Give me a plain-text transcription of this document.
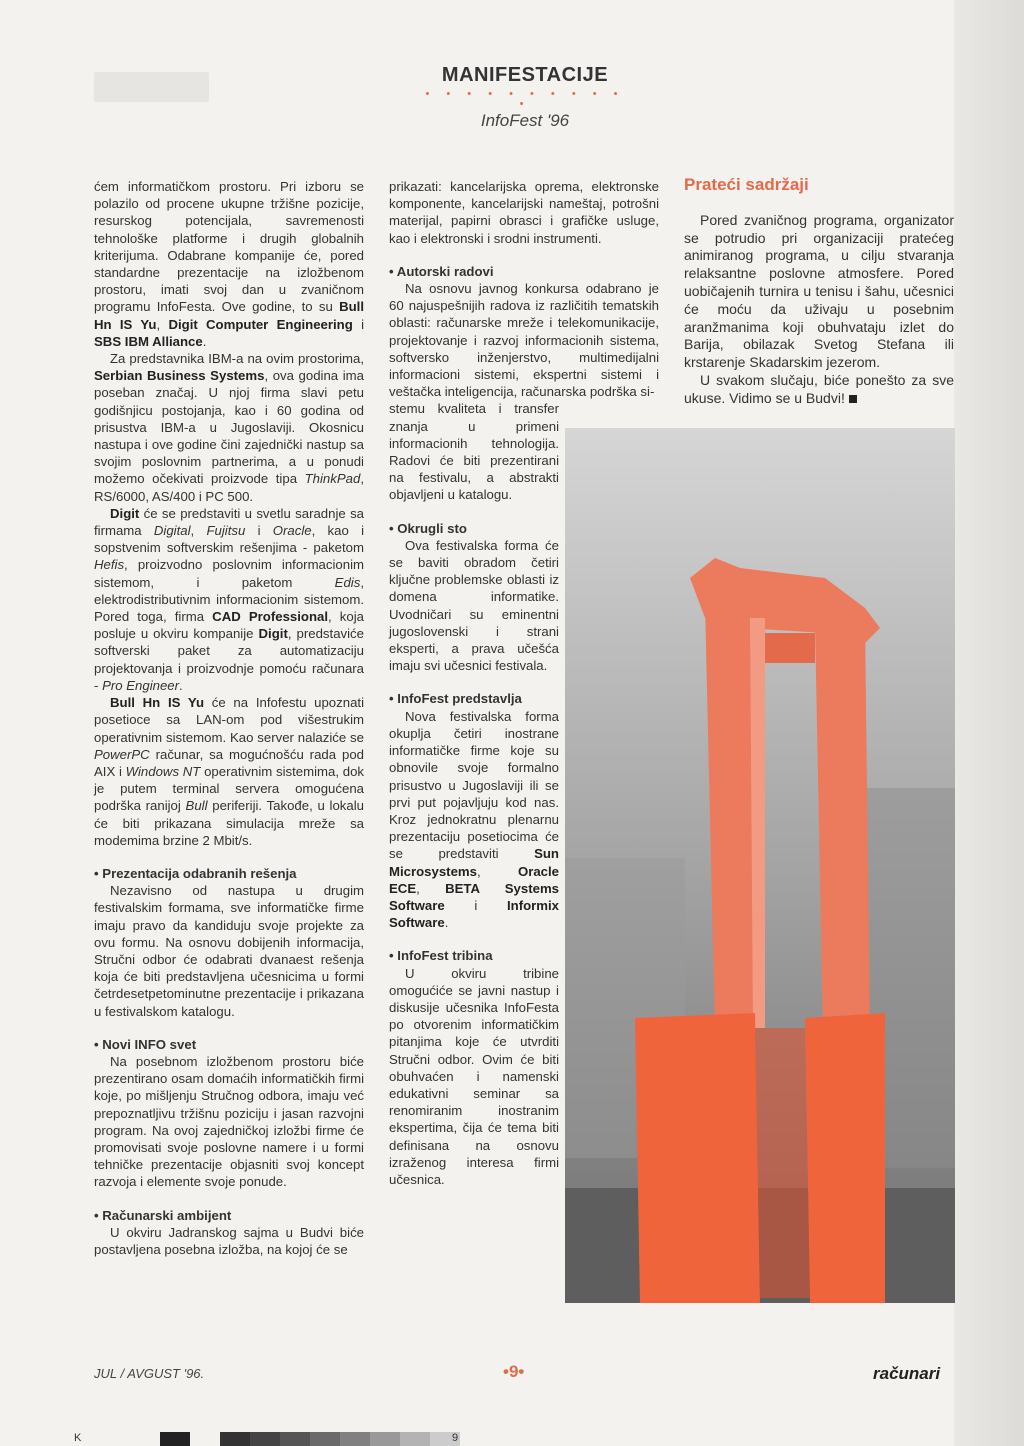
MANIFESTACIJE
• • • • • • • • • • •
InfoFest '96

ćem informatičkom prostoru. Pri izboru se polazilo od procene ukupne tržišne pozicije, resurskog potencijala, savremenosti tehnološke platforme i drugih globalnih kriterijuma. Odabrane kompanije će, pored standardne prezentacije na izložbenom prostoru, imati svoj dan u zvaničnom programu InfoFesta. Ove godine, to su Bull Hn IS Yu, Digit Computer Engineering i SBS IBM Alliance.

Za predstavnika IBM-a na ovim prostorima, Serbian Business Systems, ova godina ima poseban značaj. U njoj firma slavi petu godišnjicu postojanja, kao i 60 godina od prisustva IBM-a u Jugoslaviji. Okosnicu nastupa i ove godine čini zajednički nastup sa svojim poslovnim partnerima, a u ponudi možemo očekivati proizvode tipa ThinkPad, RS/6000, AS/400 i PC 500.

Digit će se predstaviti u svetlu saradnje sa firmama Digital, Fujitsu i Oracle, kao i sopstvenim softverskim rešenjima - paketom Hefis, proizvodno poslovnim informacionim sistemom, i paketom Edis, elektrodistributivnim informacionim sistemom. Pored toga, firma CAD Professional, koja posluje u okviru kompanije Digit, predstaviće softverski paket za automatizaciju projektovanja i proizvodnje pomoću računara - Pro Engineer.

Bull Hn IS Yu će na Infofestu upoznati posetioce sa LAN-om pod višestrukim operativnim sistemom. Kao server nalaziće se PowerPC računar, sa mogućnošću rada pod AIX i Windows NT operativnim sistemima, dok je putem terminal servera omogućena podrška ranijoj Bull periferiji. Takođe, u lokalu će biti prikazana simulacija mreže sa modemima brzine 2 Mbit/s.

• Prezentacija odabranih rešenja

Nezavisno od nastupa u drugim festivalskim formama, sve informatičke firme imaju pravo da kandiduju svoje projekte za ovu formu. Na osnovu dobijenih informacija, Stručni odbor će odabrati dvanaest rešenja koja će biti predstavljena učesnicima u formi četrdesetpetominutne prezentacije i prikazana u festivalskom katalogu.

• Novi INFO svet

Na posebnom izložbenom prostoru biće prezentirano osam domaćih informatičkih firmi koje, po mišljenju Stručnog odbora, imaju već prepoznatljivu tržišnu poziciju i jasan razvojni program. Na ovoj zajedničkoj izložbi firme će promovisati svoje poslovne namere i u formi tehničke prezentacije objasniti svoj koncept razvoja i elemente svoje ponude.

• Računarski ambijent

U okviru Jadranskog sajma u Budvi biće postavljena posebna izložba, na kojoj će se

prikazati: kancelarijska oprema, elektronske komponente, kancelarijski nameštaj, potrošni materijal, papirni obrasci i grafičke usluge, kao i elektronski i srodni instrumenti.

• Autorski radovi

Na osnovu javnog konkursa odabrano je 60 najuspešnijih radova iz različitih tematskih oblasti: računarske mreže i telekomunikacije, projektovanje i razvoj informacionih sistema, softversko inženjerstvo, multimedijalni informacioni sistemi, ekspertni sistemi i veštačka inteligencija, računarska podrška si-

stemu kvaliteta i transfer znanja u primeni informacionih tehnologija. Radovi će biti prezentirani na festivalu, a abstrakti objavljeni u katalogu.

• Okrugli sto

Ova festivalska forma će se baviti obradom četiri ključne problemske oblasti iz domena informatike. Uvodničari su eminentni jugoslovenski i strani eksperti, a prava učešća imaju svi učesnici festivala.

• InfoFest predstavlja

Nova festivalska forma okuplja četiri inostrane informatičke firme koje su obnovile svoje formalno prisustvo u Jugoslaviji ili se prvi put pojavljuju kod nas. Kroz jednokratnu plenarnu prezentaciju posetiocima će se predstaviti Sun Microsystems, Oracle ECE, BETA Systems Software i Informix Software.

• InfoFest tribina

U okviru tribine omogućiće se javni nastup i diskusije učesnika InfoFesta po otvorenim informatičkim pitanjima koje će utvrditi Stručni odbor. Ovim će biti obuhvaćen i namenski edukativni seminar sa renomiranim inostranim ekspertima, čija će tema biti definisana na osnovu izraženog interesa firmi učesnica.

Prateći sadržaji

Pored zvaničnog programa, organizator se potrudio pri organizaciji pratećeg animiranog programa, u cilju stvaranja relaksantne poslovne atmosfere. Pored uobičajenih turnira u tenisu i šahu, učesnici će moću da uživaju u posebnim aranžmanima koji obuhvataju izlet do Barija, obilazak Svetog Stefana ili krstarenje Skadarskim jezerom.

U svakom slučaju, biće ponešto za sve ukuse. Vidimo se u Budvi!

JUL / AVGUST '96.	•9•	računari
K	9
